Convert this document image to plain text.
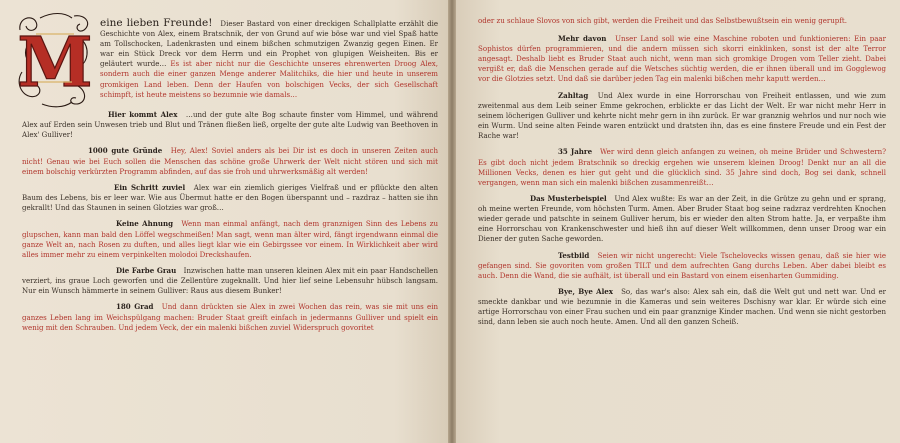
M eine lieben Freunde! Dieser Bastard von einer dreckigen Schallplatte erzählt die Geschichte von Alex, einem Bratschnik, der von Grund auf wie böse war und viel Spaß hatte am Tollschocken, Ladenkrasten und einem bißchen schmutzigen Zwanzig gegen Einen. Er war ein Stück Dreck vor dem Herrn und ein Prophet von glupigen Weisheiten. Bis er geläutert wurde… Es ist aber nicht nur die Geschichte unseres ehrenwerten Droog Alex, sondern auch die einer ganzen Menge anderer Malitchiks, die hier und heute in unserem gromkigen Land leben. Denn der Haufen von bolschigen Vecks, der sich Gesellschaft schimpft, ist heute meistens so bezumnie wie damals…

Hier kommt Alex …und der gute alte Bog schaute finster vom Himmel, und während Alex auf Erden sein Unwesen trieb und Blut und Tränen fließen ließ, orgelte der gute alte Ludwig van Beethoven in Alex' Gulliver!

1000 gute Gründe Hey, Alex! Soviel anders als bei Dir ist es doch in unseren Zeiten auch nicht! Genau wie bei Euch sollen die Menschen das schöne große Uhrwerk der Welt nicht stören und sich mit einem bolschig verkürzten Programm abfinden, auf das sie froh und uhrwerksmäßig alt werden!

Ein Schritt zuviel Alex war ein ziemlich gieriges Vielfraß und er pflückte den alten Baum des Lebens, bis er leer war. Wie aus Übermut hatte er den Bogen überspannt und – razdraz – hatten sie ihn gekrallt! Und das Staunen in seinen Glotzies war groß…

Keine Ahnung Wenn man einmal anfängt, nach dem granznigen Sinn des Lebens zu glupschen, kann man bald den Löffel wegschmeißen! Man sagt, wenn man älter wird, fängt irgendwann einmal die ganze Welt an, nach Rosen zu duften, und alles liegt klar wie ein Gebirgssee vor einem. In Wirklichkeit aber wird alles immer mehr zu einem verpinkelten molodoi Dreckshaufen.

Die Farbe Grau Inzwischen hatte man unseren kleinen Alex mit ein paar Handschellen verziert, ins graue Loch geworfen und die Zellentüre zugeknallt. Und hier lief seine Lebensuhr hübsch langsam. Nur ein Wunsch hämmerte in seinem Gulliver: Raus aus diesem Bunker!

180 Grad Und dann drückten sie Alex in zwei Wochen das rein, was sie mit uns ein ganzes Leben lang im Weichspülgang machen: Bruder Staat greift einfach in jedermanns Gulliver und spielt ein wenig mit den Schrauben. Und jedem Veck, der ein malenki bißchen zuviel Widerspruch govoritet

oder zu schlaue Slovos von sich gibt, werden die Freiheit und das Selbstbewußtsein ein wenig gerupft.

Mehr davon Unser Land soll wie eine Maschine roboten und funktionieren: Ein paar Sophistos dürfen programmieren, und die andern müssen sich skorri einklinken, sonst ist der alte Terror angesagt. Deshalb liebt es Bruder Staat auch nicht, wenn man sich gromkige Drogen vom Teller zieht. Dabei vergißt er, daß die Menschen gerade auf die Wetsches süchtig werden, die er ihnen überall und im Gogglewog vor die Glotzies setzt. Und daß sie darüber jeden Tag ein malenki bißchen mehr kaputt werden…

Zahltag Und Alex wurde in eine Horrorschau von Freiheit entlassen, und wie zum zweitenmal aus dem Leib seiner Emme gekrochen, erblickte er das Licht der Welt. Er war nicht mehr Herr in seinem löcherigen Gulliver und kehrte nicht mehr gern in ihn zurück. Er war granznig wehrlos und nur noch wie ein Wurm. Und seine alten Feinde waren entzückt und dratsten ihn, das es eine finstere Freude und ein Fest der Rache war!

35 Jahre Wer wird denn gleich anfangen zu weinen, oh meine Brüder und Schwestern? Es gibt doch nicht jedem Bratschnik so dreckig ergehen wie unserem kleinen Droog! Denkt nur an all die Millionen Vecks, denen es hier gut geht und die glücklich sind. 35 Jahre sind doch, Bog sei dank, schnell vergangen, wenn man sich ein malenki bißchen zusammenreißt…

Das Musterbeispiel Und Alex wußte: Es war an der Zeit, in die Grütze zu gehn und er sprang, oh meine werten Freunde, vom höchsten Turm. Amen. Aber Bruder Staat bog seine radzraz verdrehten Knochen wieder gerade und patschte in seinem Gulliver herum, bis er wieder den alten Strom hatte. Ja, er verpaßte ihm eine Horrorschau von Krankenschwester und hieß ihn auf dieser Welt willkommen, denn unser Droog war ein Diener der guten Sache geworden.

Testbild Seien wir nicht ungerecht: Viele Tschelovecks wissen genau, daß sie hier wie gefangen sind. Sie govoriten vom großen TILT und dem aufrechten Gang durchs Leben. Aber dabei bleibt es auch. Denn die Wand, die sie aufhält, ist überall und ein Bastard von einem eisenharten Gummiding.

Bye, Bye Alex So, das war's also: Alex sah ein, daß die Welt gut und nett war. Und er smeckte dankbar und wie bezumnie in die Kameras und sein weiteres Dschisny war klar. Er würde sich eine artige Horrorschau von einer Frau suchen und ein paar granznige Kinder machen. Und wenn sie nicht gestorben sind, dann leben sie auch noch heute. Amen. Und all den ganzen Scheiß.
